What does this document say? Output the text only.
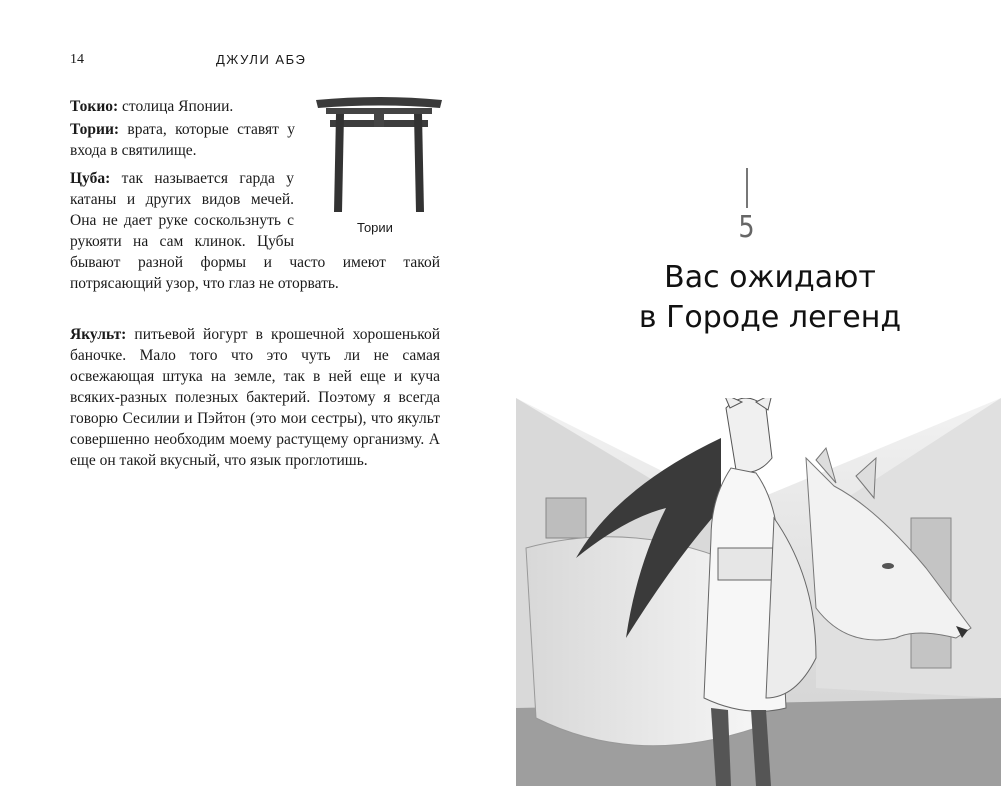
14	ДЖУЛИ АБЭ

Токио: столица Японии.

Тории: врата, которые ставят у входа в святилище.

Цуба: так называется гарда у катаны и других видов мечей. Она не дает руке соскользнуть с рукояти на сам клинок. Цубы бывают разной формы и часто имеют такой потрясающий узор, что глаз не оторвать.

Якульт: питьевой йогурт в крошечной хорошенькой баночке. Мало того что это чуть ли не самая освежающая штука на земле, так в ней еще и куча всяких-разных полезных бактерий. Поэтому я всегда говорю Сесилии и Пэйтон (это мои сестры), что якульт совершенно необходим моему растущему организму. А еще он такой вкусный, что язык проглотишь.

Тории	5
Вас ожидают
в Городе легенд
